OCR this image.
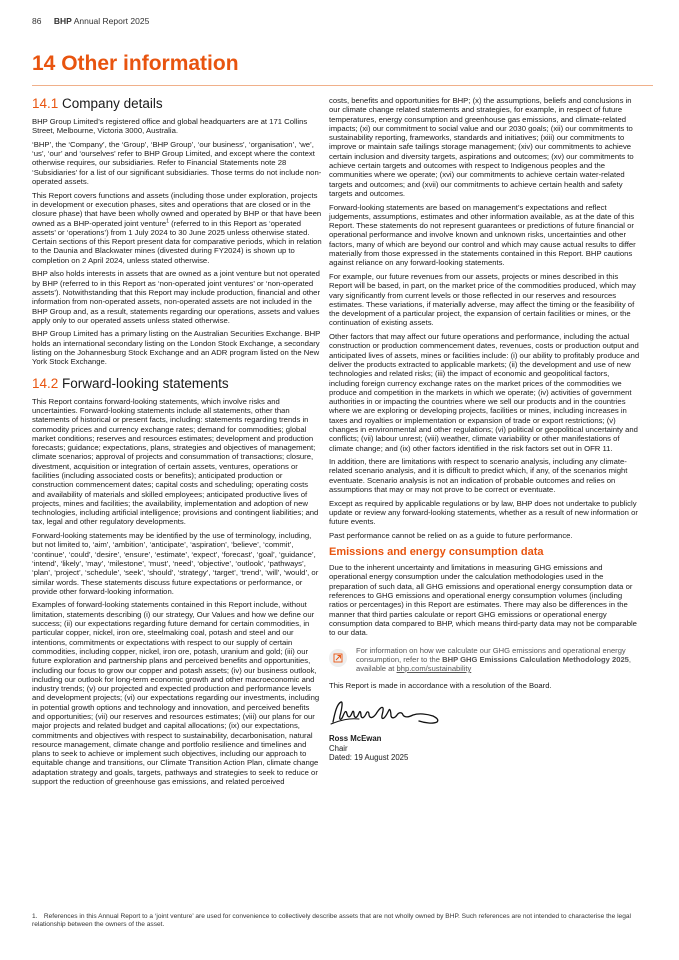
86 BHP Annual Report 2025
14 Other information
14.1 Company details

BHP Group Limited’s registered office and global headquarters are at 171 Collins Street, Melbourne, Victoria 3000, Australia.

‘BHP’, the ‘Company’, the ‘Group’, ‘BHP Group’, ‘our business’, ‘organisation’, ‘we’, ‘us’, ‘our’ and ‘ourselves’ refer to BHP Group Limited, and except where the context otherwise requires, our subsidiaries. Refer to Financial Statements note 28 ‘Subsidiaries’ for a list of our significant subsidiaries. Those terms do not include non-operated assets.

This Report covers functions and assets (including those under exploration, projects in development or execution phases, sites and operations that are closed or in the closure phase) that have been wholly owned and operated by BHP or that have been owned as a BHP-operated joint venture$^1$ (referred to in this Report as ‘operated assets’ or ‘operations’) from 1 July 2024 to 30 June 2025 unless otherwise stated. Certain sections of this Report present data for comparative periods, which in relation to the Daunia and Blackwater mines (divested during FY2024) is shown up to completion on 2 April 2024, unless stated otherwise.

BHP also holds interests in assets that are owned as a joint venture but not operated by BHP (referred to in this Report as ‘non-operated joint ventures’ or ‘non-operated assets’). Notwithstanding that this Report may include production, financial and other information from non-operated assets, non-operated assets are not included in the BHP Group and, as a result, statements regarding our operations, assets and values apply only to our operated assets unless stated otherwise.

BHP Group Limited has a primary listing on the Australian Securities Exchange. BHP holds an international secondary listing on the London Stock Exchange, a secondary listing on the Johannesburg Stock Exchange and an ADR program listed on the New York Stock Exchange.

14.2 Forward-looking statements

This Report contains forward-looking statements, which involve risks and uncertainties. Forward-looking statements include all statements, other than statements of historical or present facts, including: statements regarding trends in commodity prices and currency exchange rates; demand for commodities; global market conditions; reserves and resources estimates; development and production forecasts; guidance; expectations, plans, strategies and objectives of management; climate scenarios; approval of projects and consummation of transactions; closure, divestment, acquisition or integration of certain assets, ventures, operations or facilities (including associated costs or benefits); anticipated production or construction commencement dates; capital costs and scheduling; operating costs and availability of materials and skilled employees; anticipated productive lives of projects, mines and facilities; the availability, implementation and adoption of new technologies, including artificial intelligence; provisions and contingent liabilities; and tax, legal and other regulatory developments.

Forward-looking statements may be identified by the use of terminology, including, but not limited to, ‘aim’, ‘ambition’, ‘anticipate’, ‘aspiration’, ‘believe’, ‘commit’, ‘continue’, ‘could’, ‘desire’, ‘ensure’, ‘estimate’, ‘expect’, ‘forecast’, ‘goal’, ‘guidance’, ‘intend’, ‘likely’, ‘may’, ‘milestone’, ‘must’, ‘need’, ‘objective’, ‘outlook’, ‘pathways’, ‘plan’, ‘project’, ‘schedule’, ‘seek’, ‘should’, ‘strategy’, ‘target’, ‘trend’, ‘will’, ‘would’, or similar words. These statements discuss future expectations or performance, or provide other forward-looking information.

Examples of forward-looking statements contained in this Report include, without limitation, statements describing (i) our strategy, Our Values and how we define our success; (ii) our expectations regarding future demand for certain commodities, in particular copper, nickel, iron ore, steelmaking coal, potash and steel and our intentions, commitments or expectations with respect to our supply of certain commodities, including copper, nickel, iron ore, potash, uranium and gold; (iii) our future exploration and partnership plans and perceived benefits and opportunities, including our focus to grow our copper and potash assets; (iv) our business outlook, including our outlook for long-term economic growth and other macroeconomic and industry trends; (v) our projected and expected production and performance levels and development projects; (vi) our expectations regarding our investments, including in potential growth options and technology and innovation, and perceived benefits and opportunities; (vii) our reserves and resources estimates; (viii) our plans for our major projects and related budget and capital allocations; (ix) our expectations, commitments and objectives with respect to sustainability, decarbonisation, natural resource management, climate change and portfolio resilience and timelines and plans to seek to achieve or implement such objectives, including our approach to equitable change and transitions, our Climate Transition Action Plan, climate change adaptation strategy and goals, targets, pathways and strategies to seek to reduce or support the reduction of greenhouse gas emissions, and related perceived

costs, benefits and opportunities for BHP; (x) the assumptions, beliefs and conclusions in our climate change related statements and strategies, for example, in respect of future temperatures, energy consumption and greenhouse gas emissions, and climate-related impacts; (xi) our commitment to social value and our 2030 goals; (xii) our commitments to sustainability reporting, frameworks, standards and initiatives; (xiii) our commitments to improve or maintain safe tailings storage management; (xiv) our commitments to achieve certain inclusion and diversity targets, aspirations and outcomes; (xv) our commitments to achieve certain targets and outcomes with respect to Indigenous peoples and the communities where we operate; (xvi) our commitments to achieve certain water-related targets and outcomes; and (xvii) our commitments to achieve certain health and safety targets and outcomes.

Forward-looking statements are based on management’s expectations and reflect judgements, assumptions, estimates and other information available, as at the date of this Report. These statements do not represent guarantees or predictions of future financial or operational performance and involve known and unknown risks, uncertainties and other factors, many of which are beyond our control and which may cause actual results to differ materially from those expressed in the statements contained in this Report. BHP cautions against reliance on any forward-looking statements.

For example, our future revenues from our assets, projects or mines described in this Report will be based, in part, on the market price of the commodities produced, which may vary significantly from current levels or those reflected in our reserves and resources estimates. These variations, if materially adverse, may affect the timing or the feasibility of the development of a particular project, the expansion of certain facilities or mines, or the continuation of existing assets.

Other factors that may affect our future operations and performance, including the actual construction or production commencement dates, revenues, costs or production output and anticipated lives of assets, mines or facilities include: (i) our ability to profitably produce and deliver the products extracted to applicable markets; (ii) the development and use of new technologies and related risks; (iii) the impact of economic and geopolitical factors, including foreign currency exchange rates on the market prices of the commodities we produce and competition in the markets in which we operate; (iv) activities of government authorities in or impacting the countries where we sell our products and in the countries where we are exploring or developing projects, facilities or mines, including increases in taxes and royalties or implementation or expansion of trade or export restrictions; (v) changes in environmental and other regulations; (vi) political or geopolitical uncertainty and conflicts; (vii) labour unrest; (viii) weather, climate variability or other manifestations of climate change; and (ix) other factors identified in the risk factors set out in OFR 11.

In addition, there are limitations with respect to scenario analysis, including any climate-related scenario analysis, and it is difficult to predict which, if any, of the scenarios might eventuate. Scenario analysis is not an indication of probable outcomes and relies on assumptions that may or may not prove to be correct or eventuate.

Except as required by applicable regulations or by law, BHP does not undertake to publicly update or review any forward-looking statements, whether as a result of new information or future events.

Past performance cannot be relied on as a guide to future performance.

Emissions and energy consumption data

Due to the inherent uncertainty and limitations in measuring GHG emissions and operational energy consumption under the calculation methodologies used in the preparation of such data, all GHG emissions and operational energy consumption data or references to GHG emissions and operational energy consumption volumes (including ratios or percentages) in this Report are estimates. There may also be differences in the manner that third parties calculate or report GHG emissions or operational energy consumption data compared to BHP, which means third-party data may not be comparable to our data.

For information on how we calculate our GHG emissions and operational energy consumption, refer to the BHP GHG Emissions Calculation Methodology 2025, available at bhp.com/sustainability

This Report is made in accordance with a resolution of the Board.

Ross McEwan
Chair
Dated: 19 August 2025
1. References in this Annual Report to a ‘joint venture’ are used for convenience to collectively describe assets that are not wholly owned by BHP. Such references are not intended to characterise the legal relationship between the owners of the asset.
